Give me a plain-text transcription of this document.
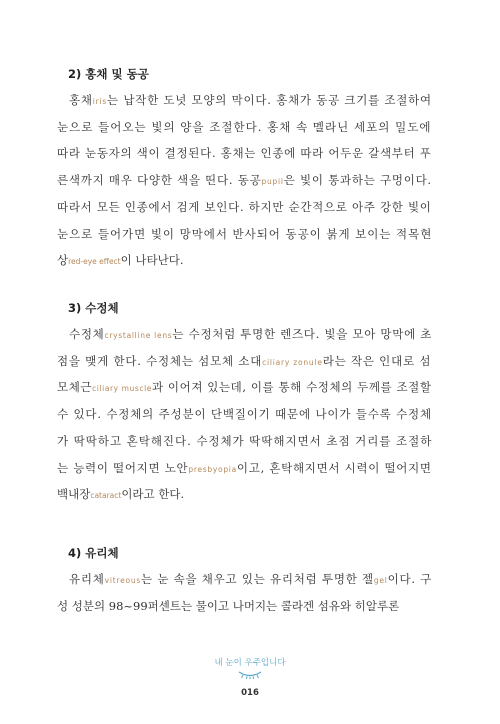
2) 홍채 및 동공
홍채iris는 납작한 도넛 모양의 막이다. 홍채가 동공 크기를 조절하여
눈으로 들어오는 빛의 양을 조절한다. 홍채 속 멜라닌 세포의 밀도에
따라 눈동자의 색이 결정된다. 홍채는 인종에 따라 어두운 갈색부터 푸
른색까지 매우 다양한 색을 띤다. 동공pupil은 빛이 통과하는 구멍이다.
따라서 모든 인종에서 검게 보인다. 하지만 순간적으로 아주 강한 빛이
눈으로 들어가면 빛이 망막에서 반사되어 동공이 붉게 보이는 적목현
상red-eye effect이 나타난다.
3) 수정체
수정체crystalline lens는 수정처럼 투명한 렌즈다. 빛을 모아 망막에 초
점을 맺게 한다. 수정체는 섬모체 소대ciliary zonule라는 작은 인대로 섬
모체근ciliary muscle과 이어져 있는데, 이를 통해 수정체의 두께를 조절할
수 있다. 수정체의 주성분이 단백질이기 때문에 나이가 들수록 수정체
가 딱딱하고 혼탁해진다. 수정체가 딱딱해지면서 초점 거리를 조절하
는 능력이 떨어지면 노안presbyopia이고, 혼탁해지면서 시력이 떨어지면
백내장cataract이라고 한다.
4) 유리체
유리체vitreous는 눈 속을 채우고 있는 유리처럼 투명한 젤gel이다. 구
성 성분의 98~99퍼센트는 물이고 나머지는 콜라겐 섬유와 히알루론
내 눈이 우주입니다
016
